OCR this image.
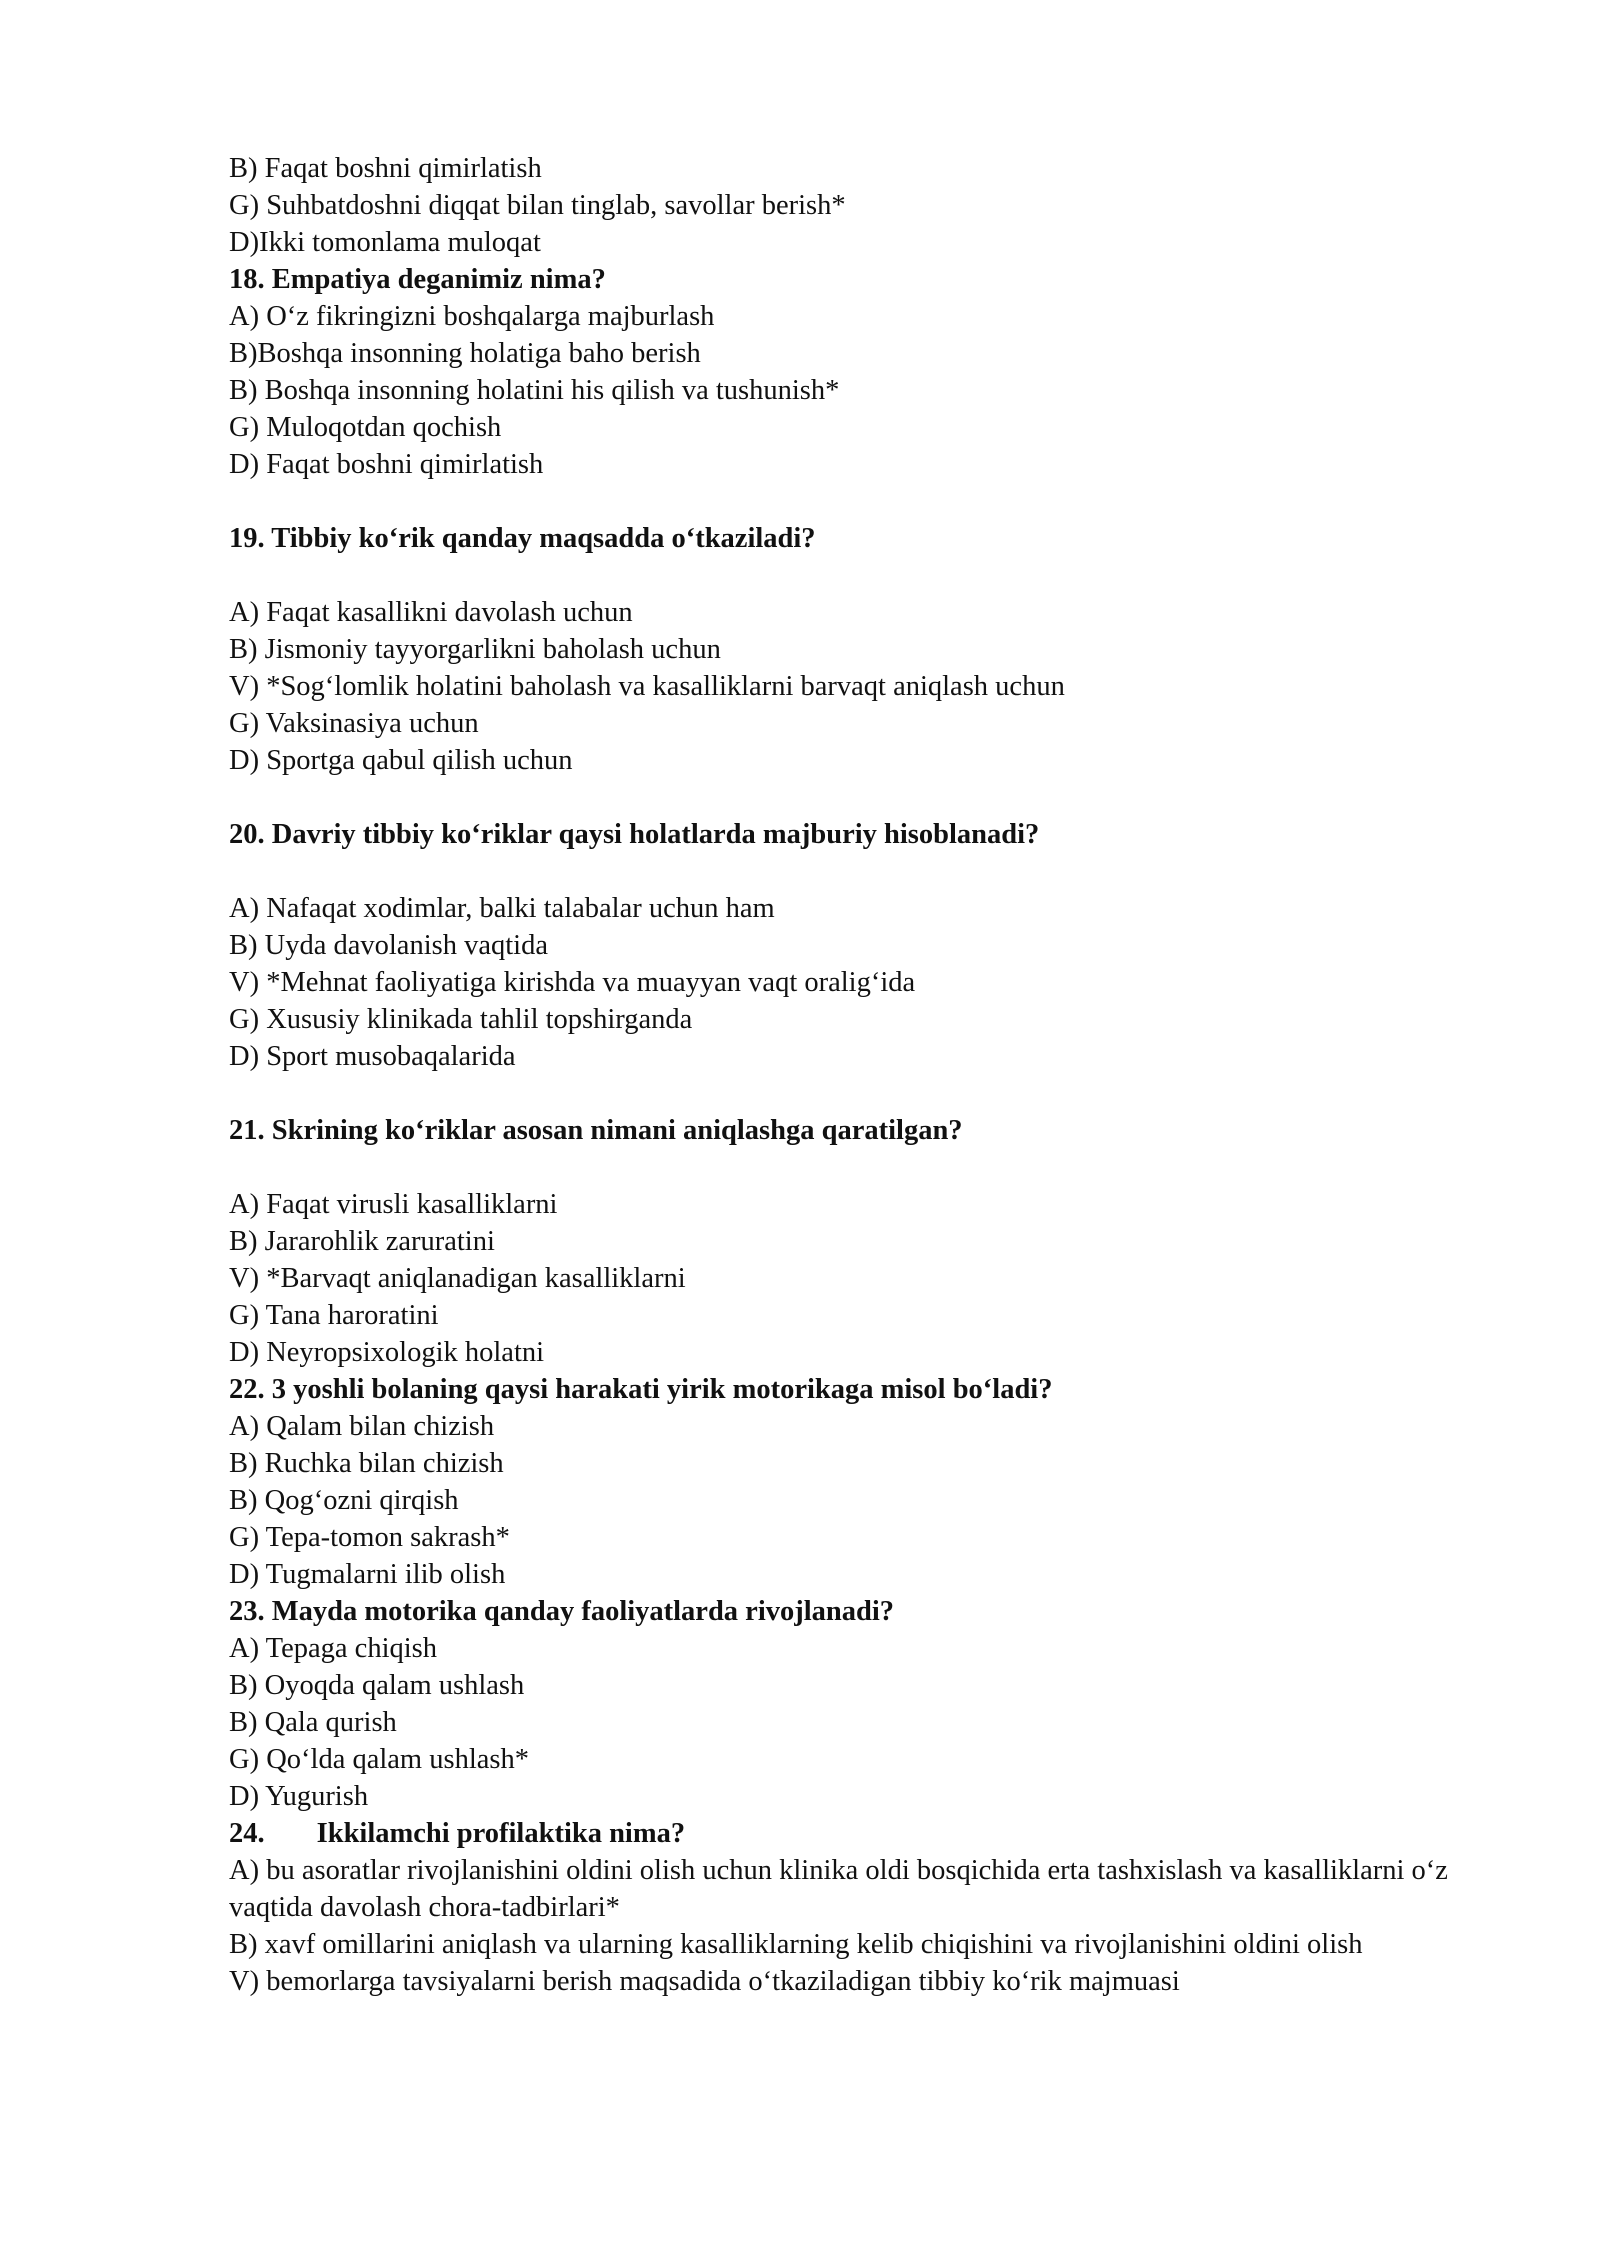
B) Faqat boshni qimirlatish
G) Suhbatdoshni diqqat bilan tinglab, savollar berish*
D)Ikki tomonlama muloqat
18. Empatiya deganimiz nima?
A) O‘z fikringizni boshqalarga majburlash
B)Boshqa insonning holatiga baho berish
B) Boshqa insonning holatini his qilish va tushunish*
G) Muloqotdan qochish
D) Faqat boshni qimirlatish
19. Tibbiy ko‘rik qanday maqsadda o‘tkaziladi?
A) Faqat kasallikni davolash uchun
B) Jismoniy tayyorgarlikni baholash uchun
V) *Sog‘lomlik holatini baholash va kasalliklarni barvaqt aniqlash uchun
G) Vaksinasiya uchun
D) Sportga qabul qilish uchun
20. Davriy tibbiy ko‘riklar qaysi holatlarda majburiy hisoblanadi?
A) Nafaqat xodimlar, balki talabalar uchun ham
B) Uyda davolanish vaqtida
V) *Mehnat faoliyatiga kirishda va muayyan vaqt oralig‘ida
G) Xususiy klinikada tahlil topshirganda
D) Sport musobaqalarida
21. Skrining ko‘riklar asosan nimani aniqlashga qaratilgan?
A) Faqat virusli kasalliklarni
B) Jararohlik zaruratini
V) *Barvaqt aniqlanadigan kasalliklarni
G) Tana haroratini
D) Neyropsixologik holatni
22. 3 yoshli bolaning qaysi harakati yirik motorikaga misol bo‘ladi?
A) Qalam bilan chizish
B) Ruchka bilan chizish
B) Qog‘ozni qirqish
G) Tepa-tomon sakrash*
D) Tugmalarni ilib olish
23. Mayda motorika qanday faoliyatlarda rivojlanadi?
A) Tepaga chiqish
B) Oyoqda qalam ushlash
B) Qala qurish
G) Qo‘lda qalam ushlash*
D) Yugurish
24. Ikkilamchi profilaktika nima?
A) bu asoratlar rivojlanishini oldini olish uchun klinika oldi bosqichida erta tashxislash va kasalliklarni o‘z vaqtida davolash chora-tadbirlari*
B) xavf omillarini aniqlash va ularning kasalliklarning kelib chiqishini va rivojlanishini oldini olish
V) bemorlarga tavsiyalarni berish maqsadida o‘tkaziladigan tibbiy ko‘rik majmuasi
